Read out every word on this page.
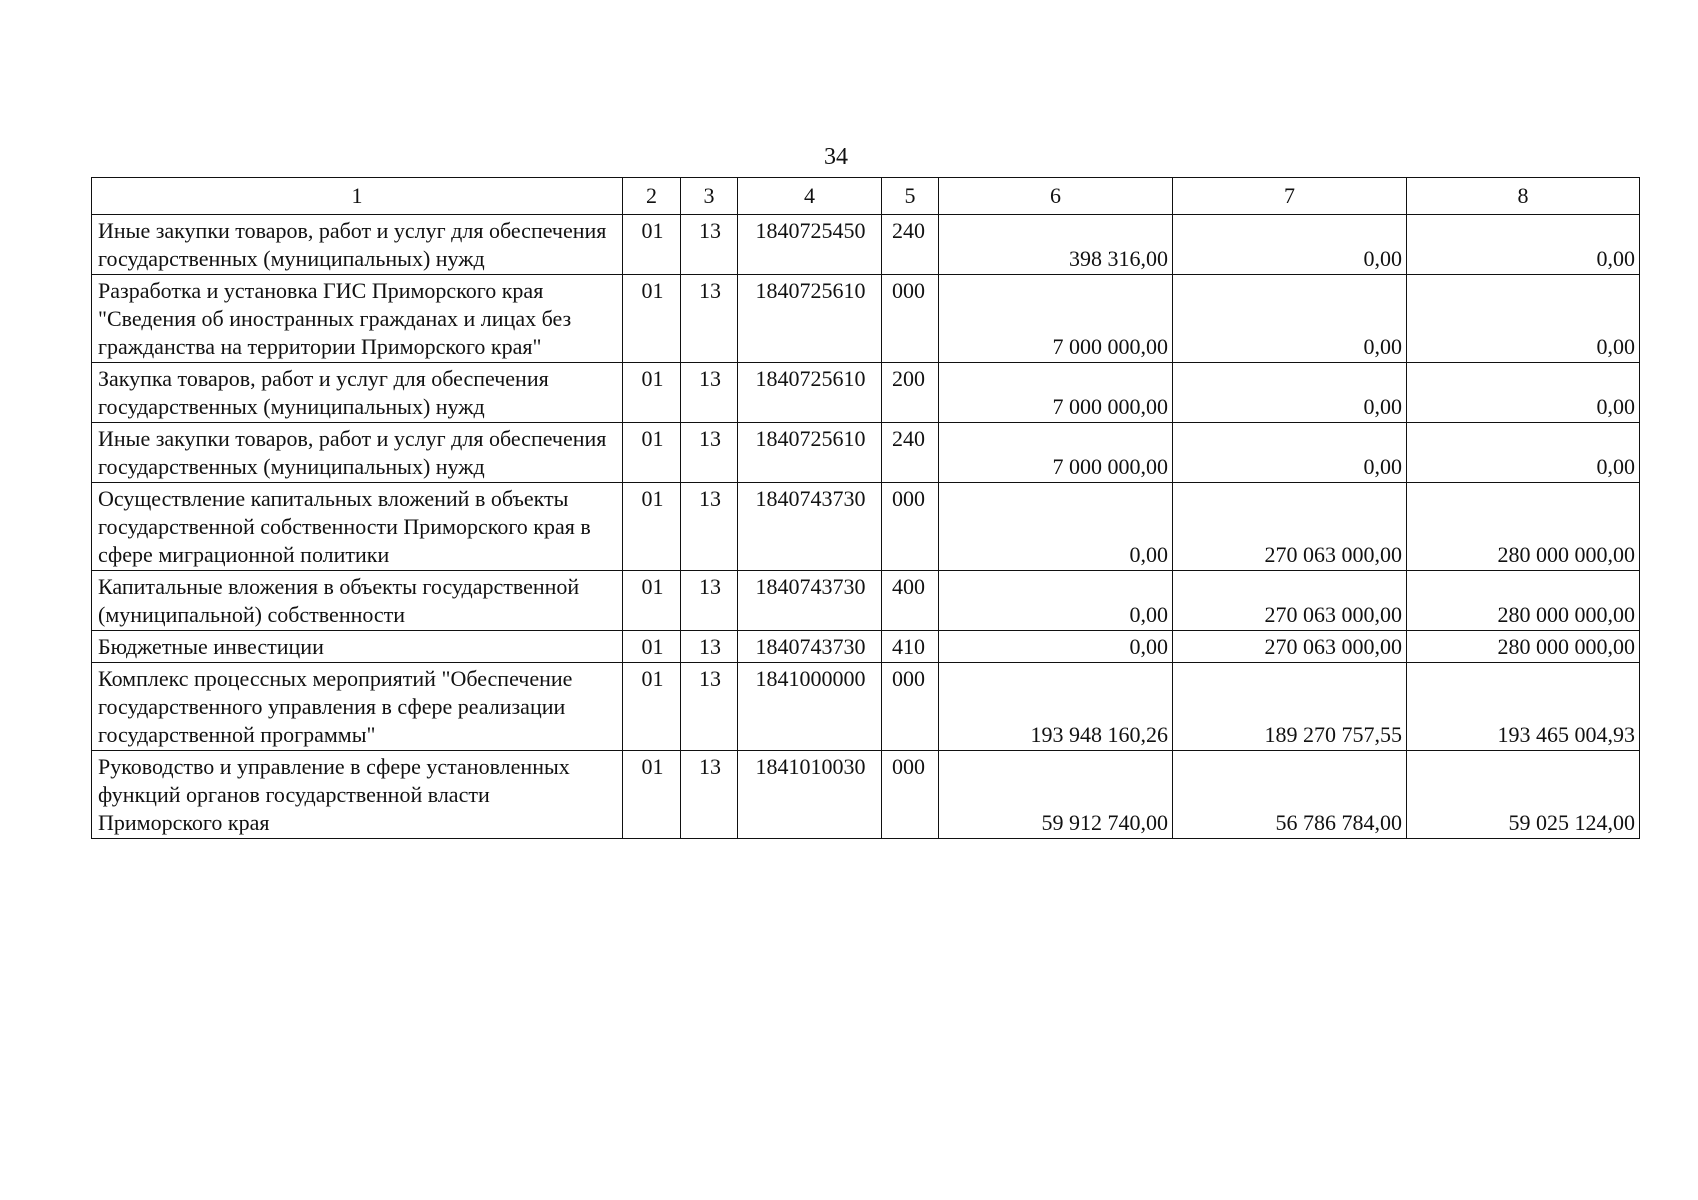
34
1	2	3	4	5	6	7	8
Иные закупки товаров, работ и услуг для обеспечения государственных (муниципальных) нужд	01	13	1840725450	240	398 316,00	0,00	0,00
Разработка и установка ГИС Приморского края "Сведения об иностранных гражданах и лицах без гражданства на территории Приморского края"	01	13	1840725610	000	7 000 000,00	0,00	0,00
Закупка товаров, работ и услуг для обеспечения государственных (муниципальных) нужд	01	13	1840725610	200	7 000 000,00	0,00	0,00
Иные закупки товаров, работ и услуг для обеспечения государственных (муниципальных) нужд	01	13	1840725610	240	7 000 000,00	0,00	0,00
Осуществление капитальных вложений в объекты государственной собственности Приморского края в сфере миграционной политики	01	13	1840743730	000	0,00	270 063 000,00	280 000 000,00
Капитальные вложения в объекты государственной (муниципальной) собственности	01	13	1840743730	400	0,00	270 063 000,00	280 000 000,00
Бюджетные инвестиции	01	13	1840743730	410	0,00	270 063 000,00	280 000 000,00
Комплекс процессных мероприятий "Обеспечение государственного управления в сфере реализации государственной программы"	01	13	1841000000	000	193 948 160,26	189 270 757,55	193 465 004,93
Руководство и управление в сфере установленных функций органов государственной власти Приморского края	01	13	1841010030	000	59 912 740,00	56 786 784,00	59 025 124,00
